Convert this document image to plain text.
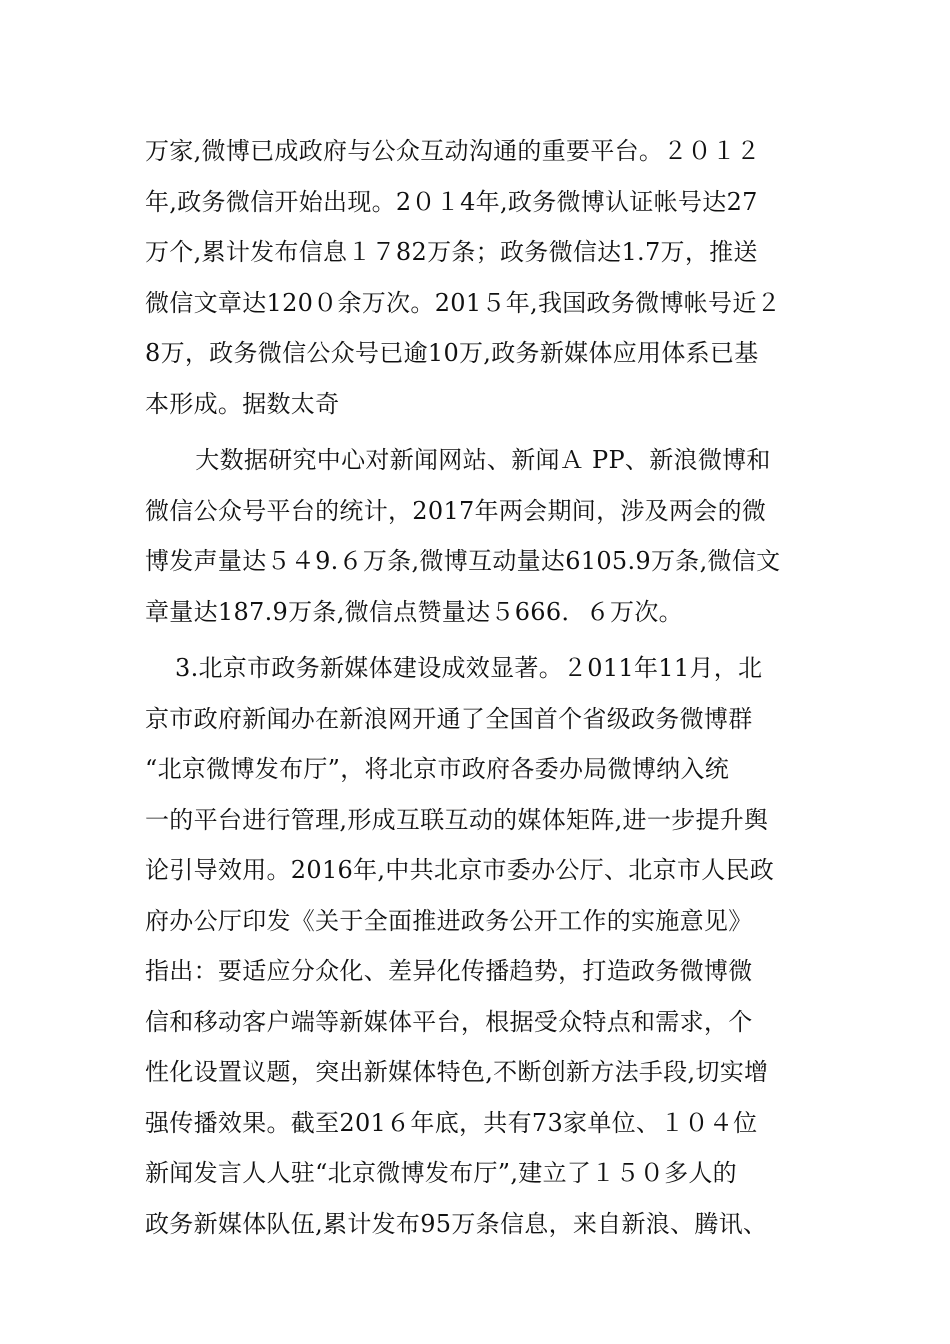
万家,微博已成政府与公众互动沟通的重要平台。２０１２
年,政务微信开始出现。2０１4年,政务微博认证帐号达27
万个,累计发布信息１７82万条；政务微信达1.7万，推送
微信文章达120０余万次。201５年,我国政务微博帐号近２
8万，政务微信公众号已逾10万,政务新媒体应用体系已基
本形成。据数太奇
　大数据研究中心对新闻网站、新闻Ａ PP、新浪微博和
微信公众号平台的统计，2017年两会期间，涉及两会的微
博发声量达５４9.６万条,微博互动量达6105.9万条,微信文
章量达187.9万条,微信点赞量达５666．６万次。
3.北京市政务新媒体建设成效显著。２011年11月，北
京市政府新闻办在新浪网开通了全国首个省级政务微博群
“北京微博发布厅”，将北京市政府各委办局微博纳入统
一的平台进行管理,形成互联互动的媒体矩阵,进一步提升舆
论引导效用。2016年,中共北京市委办公厅、北京市人民政
府办公厅印发《关于全面推进政务公开工作的实施意见》
指出：要适应分众化、差异化传播趋势，打造政务微博微
信和移动客户端等新媒体平台，根据受众特点和需求，个
性化设置议题，突出新媒体特色,不断创新方法手段,切实增
强传播效果。截至201６年底，共有73家单位、１０４位
新闻发言人人驻“北京微博发布厅”,建立了１５０多人的
政务新媒体队伍,累计发布95万条信息，来自新浪、腾讯、
